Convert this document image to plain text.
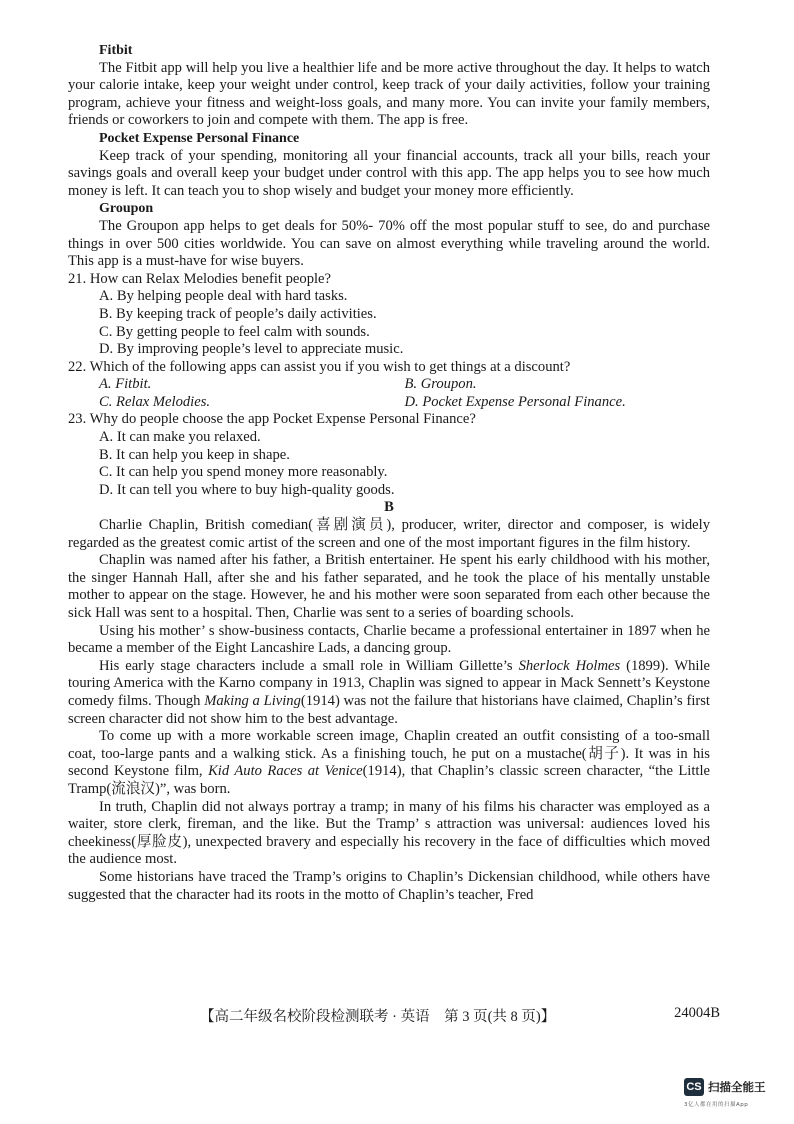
Fitbit

The Fitbit app will help you live a healthier life and be more active throughout the day. It helps to watch your calorie intake, keep your weight under control, keep track of your daily activities, follow your training program, achieve your fitness and weight-loss goals, and many more. You can invite your family members, friends or coworkers to join and compete with them. The app is free.

Pocket Expense Personal Finance

Keep track of your spending, monitoring all your financial accounts, track all your bills, reach your savings goals and overall keep your budget under control with this app. The app helps you to see how much money is left. It can teach you to shop wisely and budget your money more efficiently.

Groupon

The Groupon app helps to get deals for 50%- 70% off the most popular stuff to see, do and purchase things in over 500 cities worldwide. You can save on almost everything while traveling around the world. This app is a must-have for wise buyers.

21. How can Relax Melodies benefit people?

A. By helping people deal with hard tasks.

B. By keeping track of people’s daily activities.

C. By getting people to feel calm with sounds.

D. By improving people’s level to appreciate music.

22. Which of the following apps can assist you if you wish to get things at a discount?

A. Fitbit.	B. Groupon.
C. Relax Melodies.	D. Pocket Expense Personal Finance.

23. Why do people choose the app Pocket Expense Personal Finance?

A. It can make you relaxed.

B. It can help you keep in shape.

C. It can help you spend money more reasonably.

D. It can tell you where to buy high-quality goods.

B

Charlie Chaplin, British comedian(喜剧演员), producer, writer, director and composer, is widely regarded as the greatest comic artist of the screen and one of the most important figures in the film history.

Chaplin was named after his father, a British entertainer. He spent his early childhood with his mother, the singer Hannah Hall, after she and his father separated, and he took the place of his mentally unstable mother to appear on the stage. However, he and his mother were soon separated from each other because the sick Hall was sent to a hospital. Then, Charlie was sent to a series of boarding schools.

Using his mother’ s show-business contacts, Charlie became a professional entertainer in 1897 when he became a member of the Eight Lancashire Lads, a dancing group.

His early stage characters include a small role in William Gillette’s Sherlock Holmes (1899). While touring America with the Karno company in 1913, Chaplin was signed to appear in Mack Sennett’s Keystone comedy films. Though Making a Living(1914) was not the failure that historians have claimed, Chaplin’s first screen character did not show him to the best advantage.

To come up with a more workable screen image, Chaplin created an outfit consisting of a too-small coat, too-large pants and a walking stick. As a finishing touch, he put on a mustache(胡子). It was in his second Keystone film, Kid Auto Races at Venice(1914), that Chaplin’s classic screen character, “the Little Tramp(流浪汉)”, was born.

In truth, Chaplin did not always portray a tramp; in many of his films his character was employed as a waiter, store clerk, fireman, and the like. But the Tramp’ s attraction was universal: audiences loved his cheekiness(厚脸皮), unexpected bravery and especially his recovery in the face of difficulties which moved the audience most.

Some historians have traced the Tramp’s origins to Chaplin’s Dickensian childhood, while others have suggested that the character had its roots in the motto of Chaplin’s teacher, Fred

【高二年级名校阶段检测联考 · 英语　第 3 页(共 8 页)】	24004B
CS 扫描全能王
3亿人都在用的扫描App
